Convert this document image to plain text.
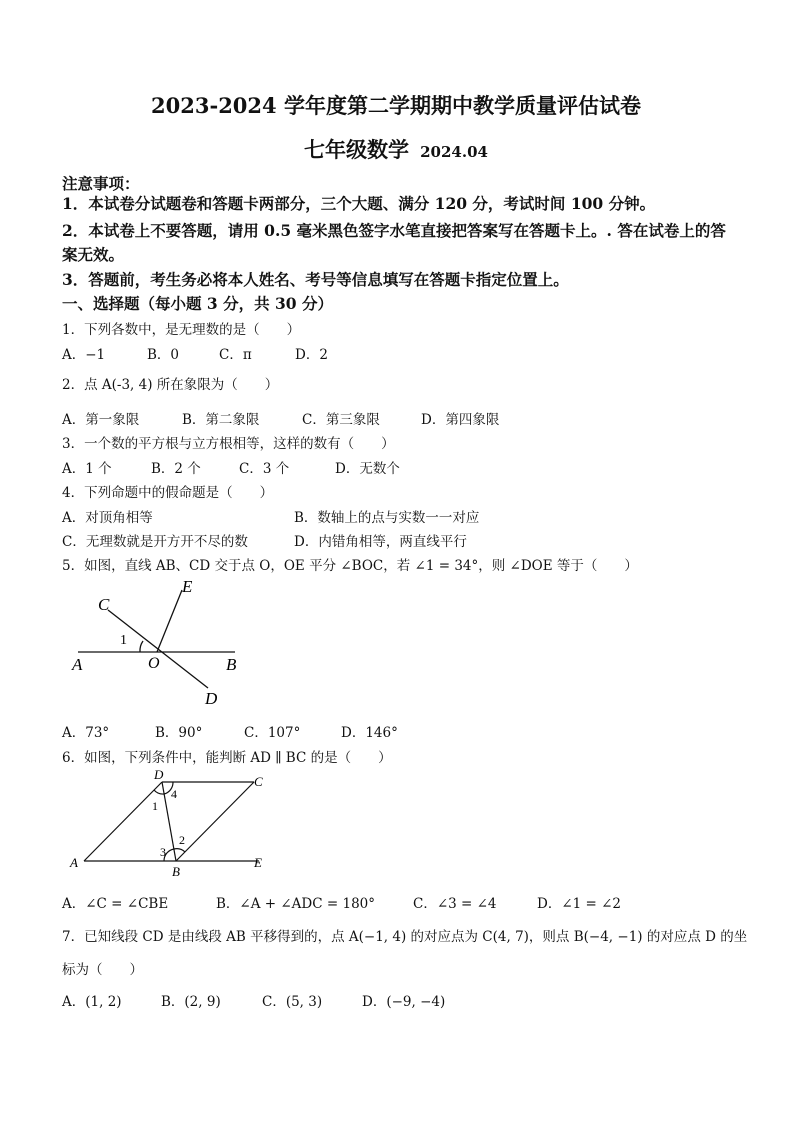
2023-2024 学年度第二学期期中教学质量评估试卷
七年级数学 2024.04
注意事项：
1．本试卷分试题卷和答题卡两部分，三个大题、满分 120 分，考试时间 100 分钟。
2．本试卷上不要答题，请用 0.5 毫米黑色签字水笔直接把答案写在答题卡上。. 答在试卷上的答
案无效。
3．答题前，考生务必将本人姓名、考号等信息填写在答题卡指定位置上。
一、选择题（每小题 3 分，共 30 分）
1．下列各数中，是无理数的是（　　）
A．−1	B．0	C．π	D．2
2．点 A(-3, 4) 所在象限为（　　）
A．第一象限	B．第二象限	C．第三象限	D．第四象限
3．一个数的平方根与立方根相等，这样的数有（　　）
A．1 个	B．2 个	C．3 个	D．无数个
4．下列命题中的假命题是（　　）
A．对顶角相等	B．数轴上的点与实数一一对应
C．无理数就是开方开不尽的数	D．内错角相等，两直线平行
5．如图，直线 AB、CD 交于点 O，OE 平分 ∠BOC，若 ∠1 = 34°，则 ∠DOE 等于（　　）
C
E
1
A	O	B
D
A．73°	B．90°	C．107°	D．146°
6．如图，下列条件中，能判断 AD ∥ BC 的是（　　）
D	C
4
1
2
3
A
B
E
A．∠C = ∠CBE	B．∠A + ∠ADC = 180°	C．∠3 = ∠4	D．∠1 = ∠2
7．已知线段 CD 是由线段 AB 平移得到的，点 A(−1, 4) 的对应点为 C(4, 7)，则点 B(−4, −1) 的对应点 D 的坐
标为（　　）
A．(1, 2)	B．(2, 9)	C．(5, 3)	D．(−9, −4)
